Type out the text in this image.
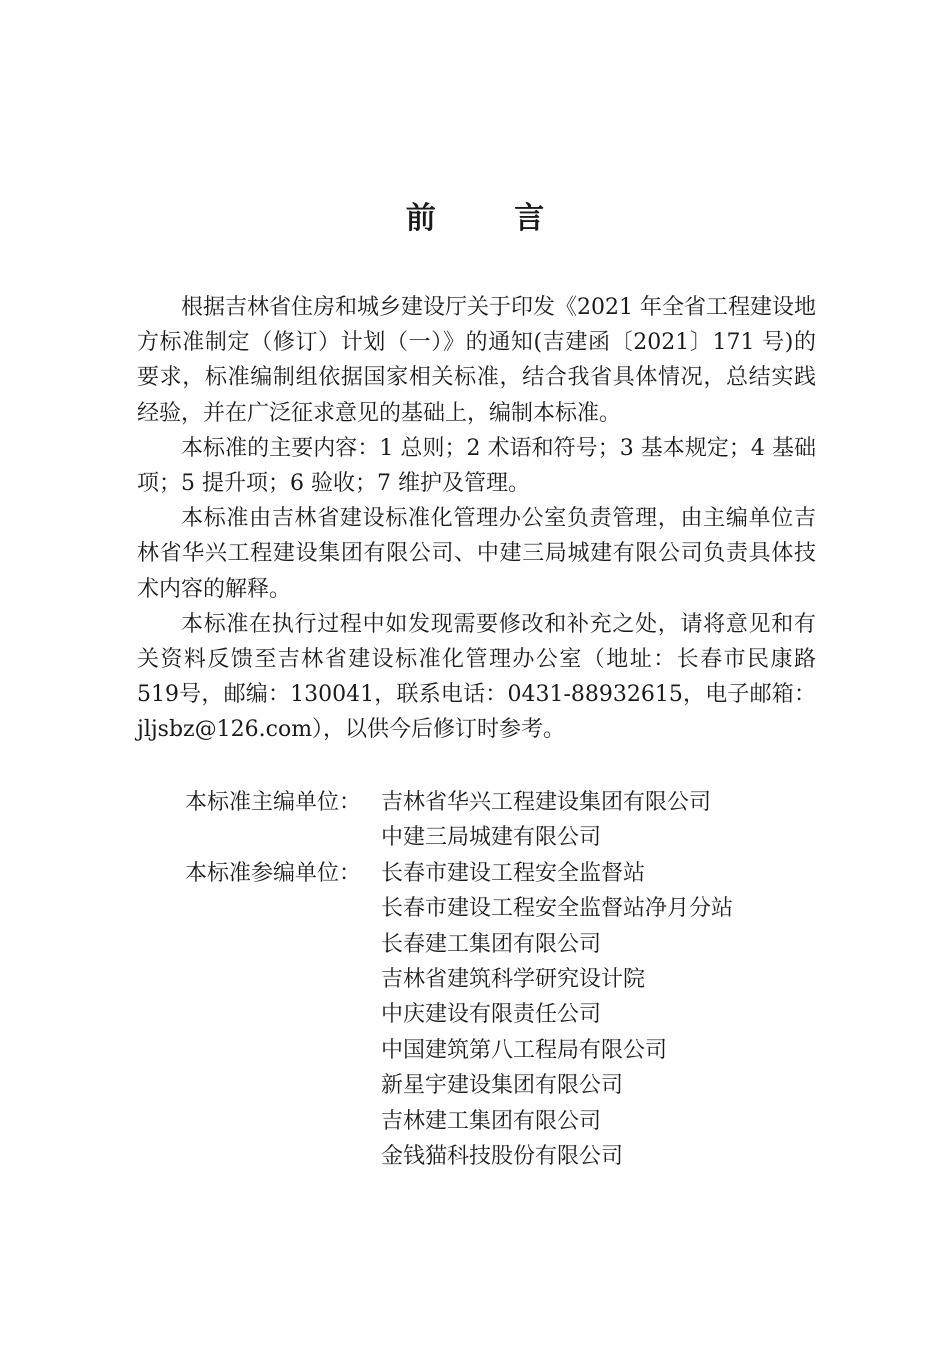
前 言

根据吉林省住房和城乡建设厅关于印发《2021 年全省工程建设地方标准制定（修订）计划（一）》的通知(吉建函〔2021〕171 号)的要求，标准编制组依据国家相关标准，结合我省具体情况，总结实践经验，并在广泛征求意见的基础上，编制本标准。

本标准的主要内容：1 总则；2 术语和符号；3 基本规定；4 基础项；5 提升项；6 验收；7 维护及管理。

本标准由吉林省建设标准化管理办公室负责管理，由主编单位吉林省华兴工程建设集团有限公司、中建三局城建有限公司负责具体技术内容的解释。

本标准在执行过程中如发现需要修改和补充之处，请将意见和有关资料反馈至吉林省建设标准化管理办公室（地址：长春市民康路519号，邮编：130041，联系电话：0431-88932615，电子邮箱：jljsbz@126.com），以供今后修订时参考。

本标准主编单位： 吉林省华兴工程建设集团有限公司
中建三局城建有限公司
本标准参编单位： 长春市建设工程安全监督站
长春市建设工程安全监督站净月分站
长春建工集团有限公司
吉林省建筑科学研究设计院
中庆建设有限责任公司
中国建筑第八工程局有限公司
新星宇建设集团有限公司
吉林建工集团有限公司
金钱猫科技股份有限公司
